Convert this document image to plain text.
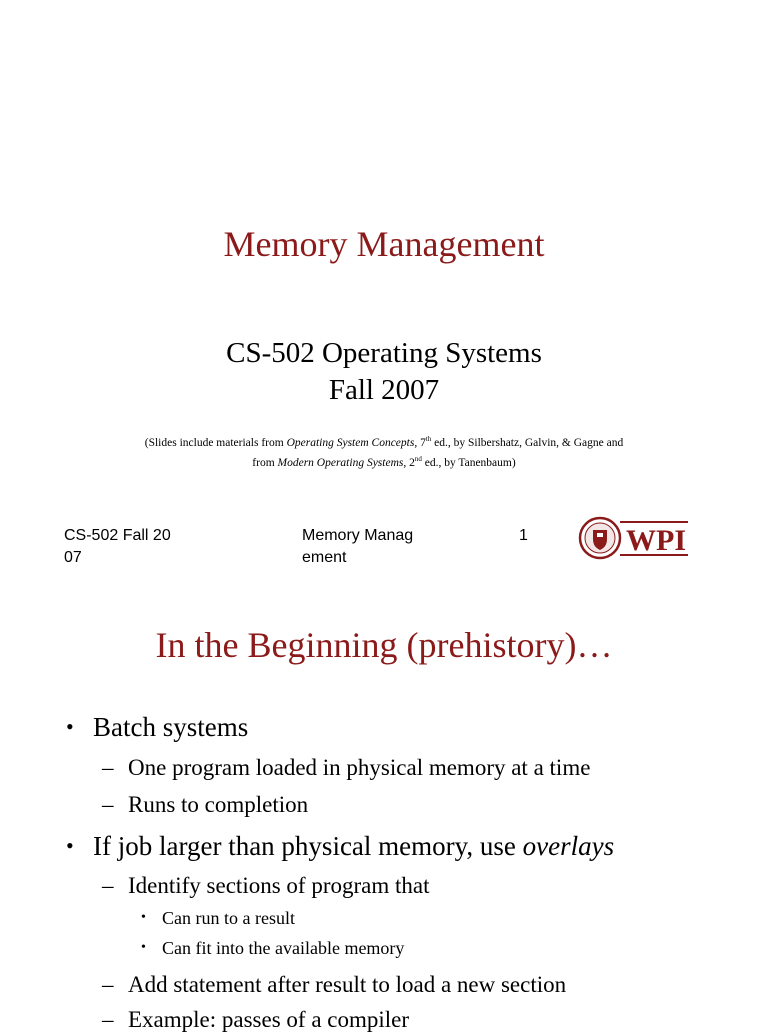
Memory Management
CS-502 Operating Systems
Fall 2007
(Slides include materials from Operating System Concepts, 7th ed., by Silbershatz, Galvin, & Gagne and
from Modern Operating Systems, 2nd ed., by Tanenbaum)
CS-502 Fall 20
07
Memory Manag
ement
1	WPI
In the Beginning (prehistory)…
• Batch systems
– One program loaded in physical memory at a time
– Runs to completion
• If job larger than physical memory, use overlays
– Identify sections of program that
• Can run to a result
• Can fit into the available memory
– Add statement after result to load a new section
– Example: passes of a compiler
